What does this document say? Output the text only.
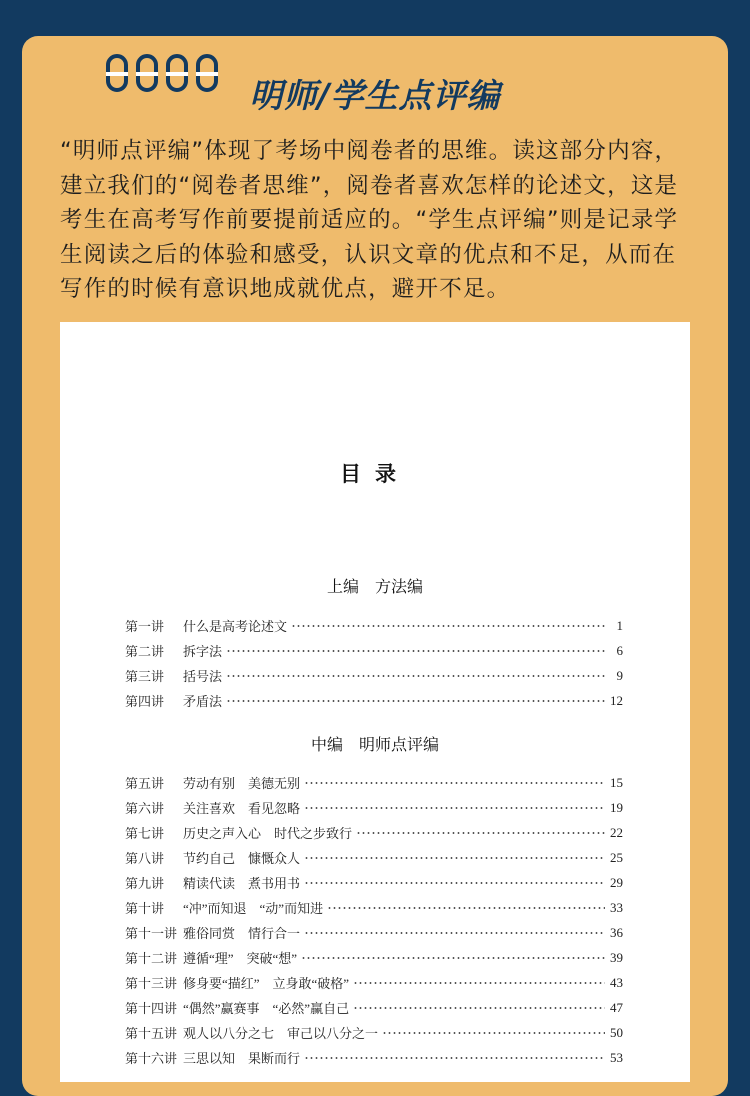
明师/学生点评编
“明师点评编”体现了考场中阅卷者的思维。读这部分内容，建立我们的“阅卷者思维”，阅卷者喜欢怎样的论述文，这是考生在高考写作前要提前适应的。“学生点评编”则是记录学生阅读之后的体验和感受，认识文章的优点和不足，从而在写作的时候有意识地成就优点，避开不足。
目录
上编　方法编
第一讲	什么是高考论述文	1
第二讲	拆字法	6
第三讲	括号法	9
第四讲	矛盾法	12
中编　明师点评编
第五讲	劳动有别　美德无别	15
第六讲	关注喜欢　看见忽略	19
第七讲	历史之声入心　时代之步致行	22
第八讲	节约自己　慷慨众人	25
第九讲	精读代读　煮书用书	29
第十讲	“冲”而知退　“动”而知进	33
第十一讲 雅俗同赏　情行合一	36
第十二讲 遵循“理”　突破“想”	39
第十三讲 修身要“描红”　立身敢“破格”	43
第十四讲 “偶然”赢赛事　“必然”赢自己	47
第十五讲 观人以八分之七　审己以八分之一	50
第十六讲 三思以知　果断而行	53
